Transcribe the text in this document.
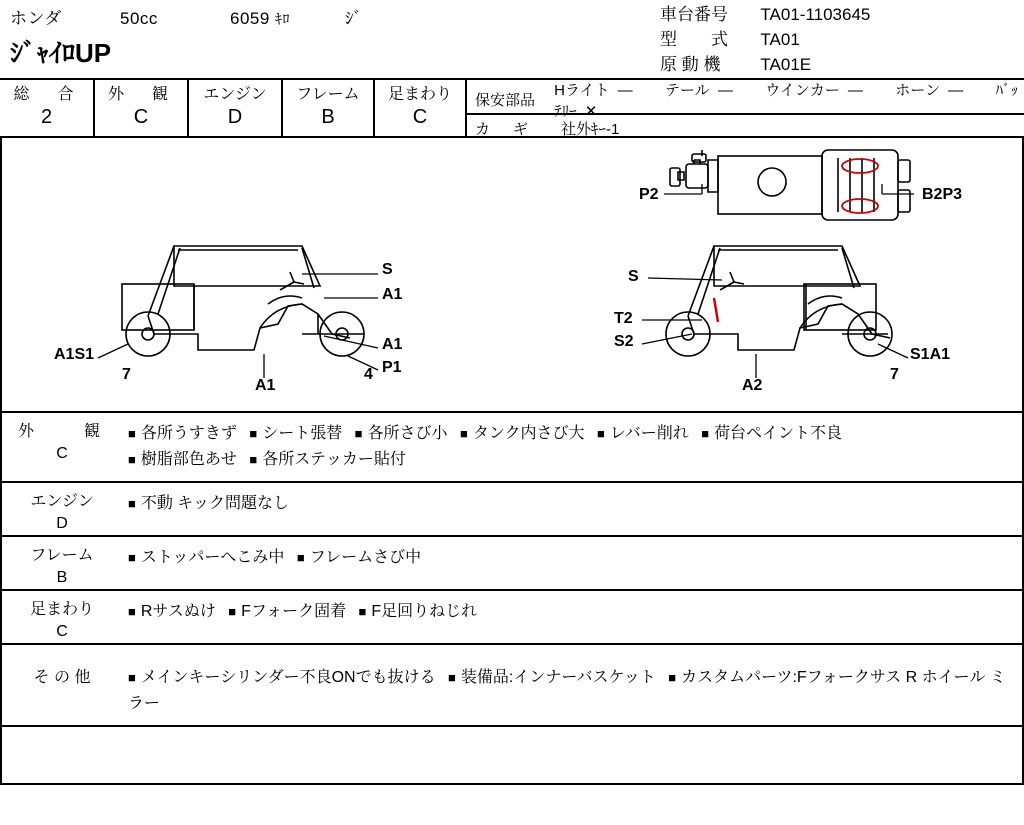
ホンダ	50cc	6059 ｷﾛ	ｼﾞ
ｼﾞｬｲﾛUP
車台番号 TA01-1103645
型　　式 TA01
原 動 機 TA01E
総　合
2
外　観
C
エンジン
D
フレーム
B
足まわり
C
保安部品
Hライト ― テール ― ウインカー ― ホーン ― ﾊﾞｯﾃﾘｰ ✕
カ　ギ	社外ｷｰ-1
S
A1
A1
P1
A1S1
7
A1
4
P2	B2P3
S
T2
S2
A2
S1A1
7
外　　観
C
■ 各所うすきず ■ シート張替 ■ 各所さび小 ■ タンク内さび大 ■ レバー削れ ■ 荷台ペイント不良
■ 樹脂部色あせ ■ 各所ステッカー貼付
エンジン
D
■ 不動 キック問題なし
フレーム
B
■ ストッパーへこみ中 ■ フレームさび中
足まわり
C
■ Rサスぬけ ■ Fフォーク固着 ■ F足回りねじれ
そ の 他	■ メインキーシリンダー不良ONでも抜ける ■ 装備品:インナーバスケット ■ カスタムパーツ:Fフォークサス R ホイール ミラー
